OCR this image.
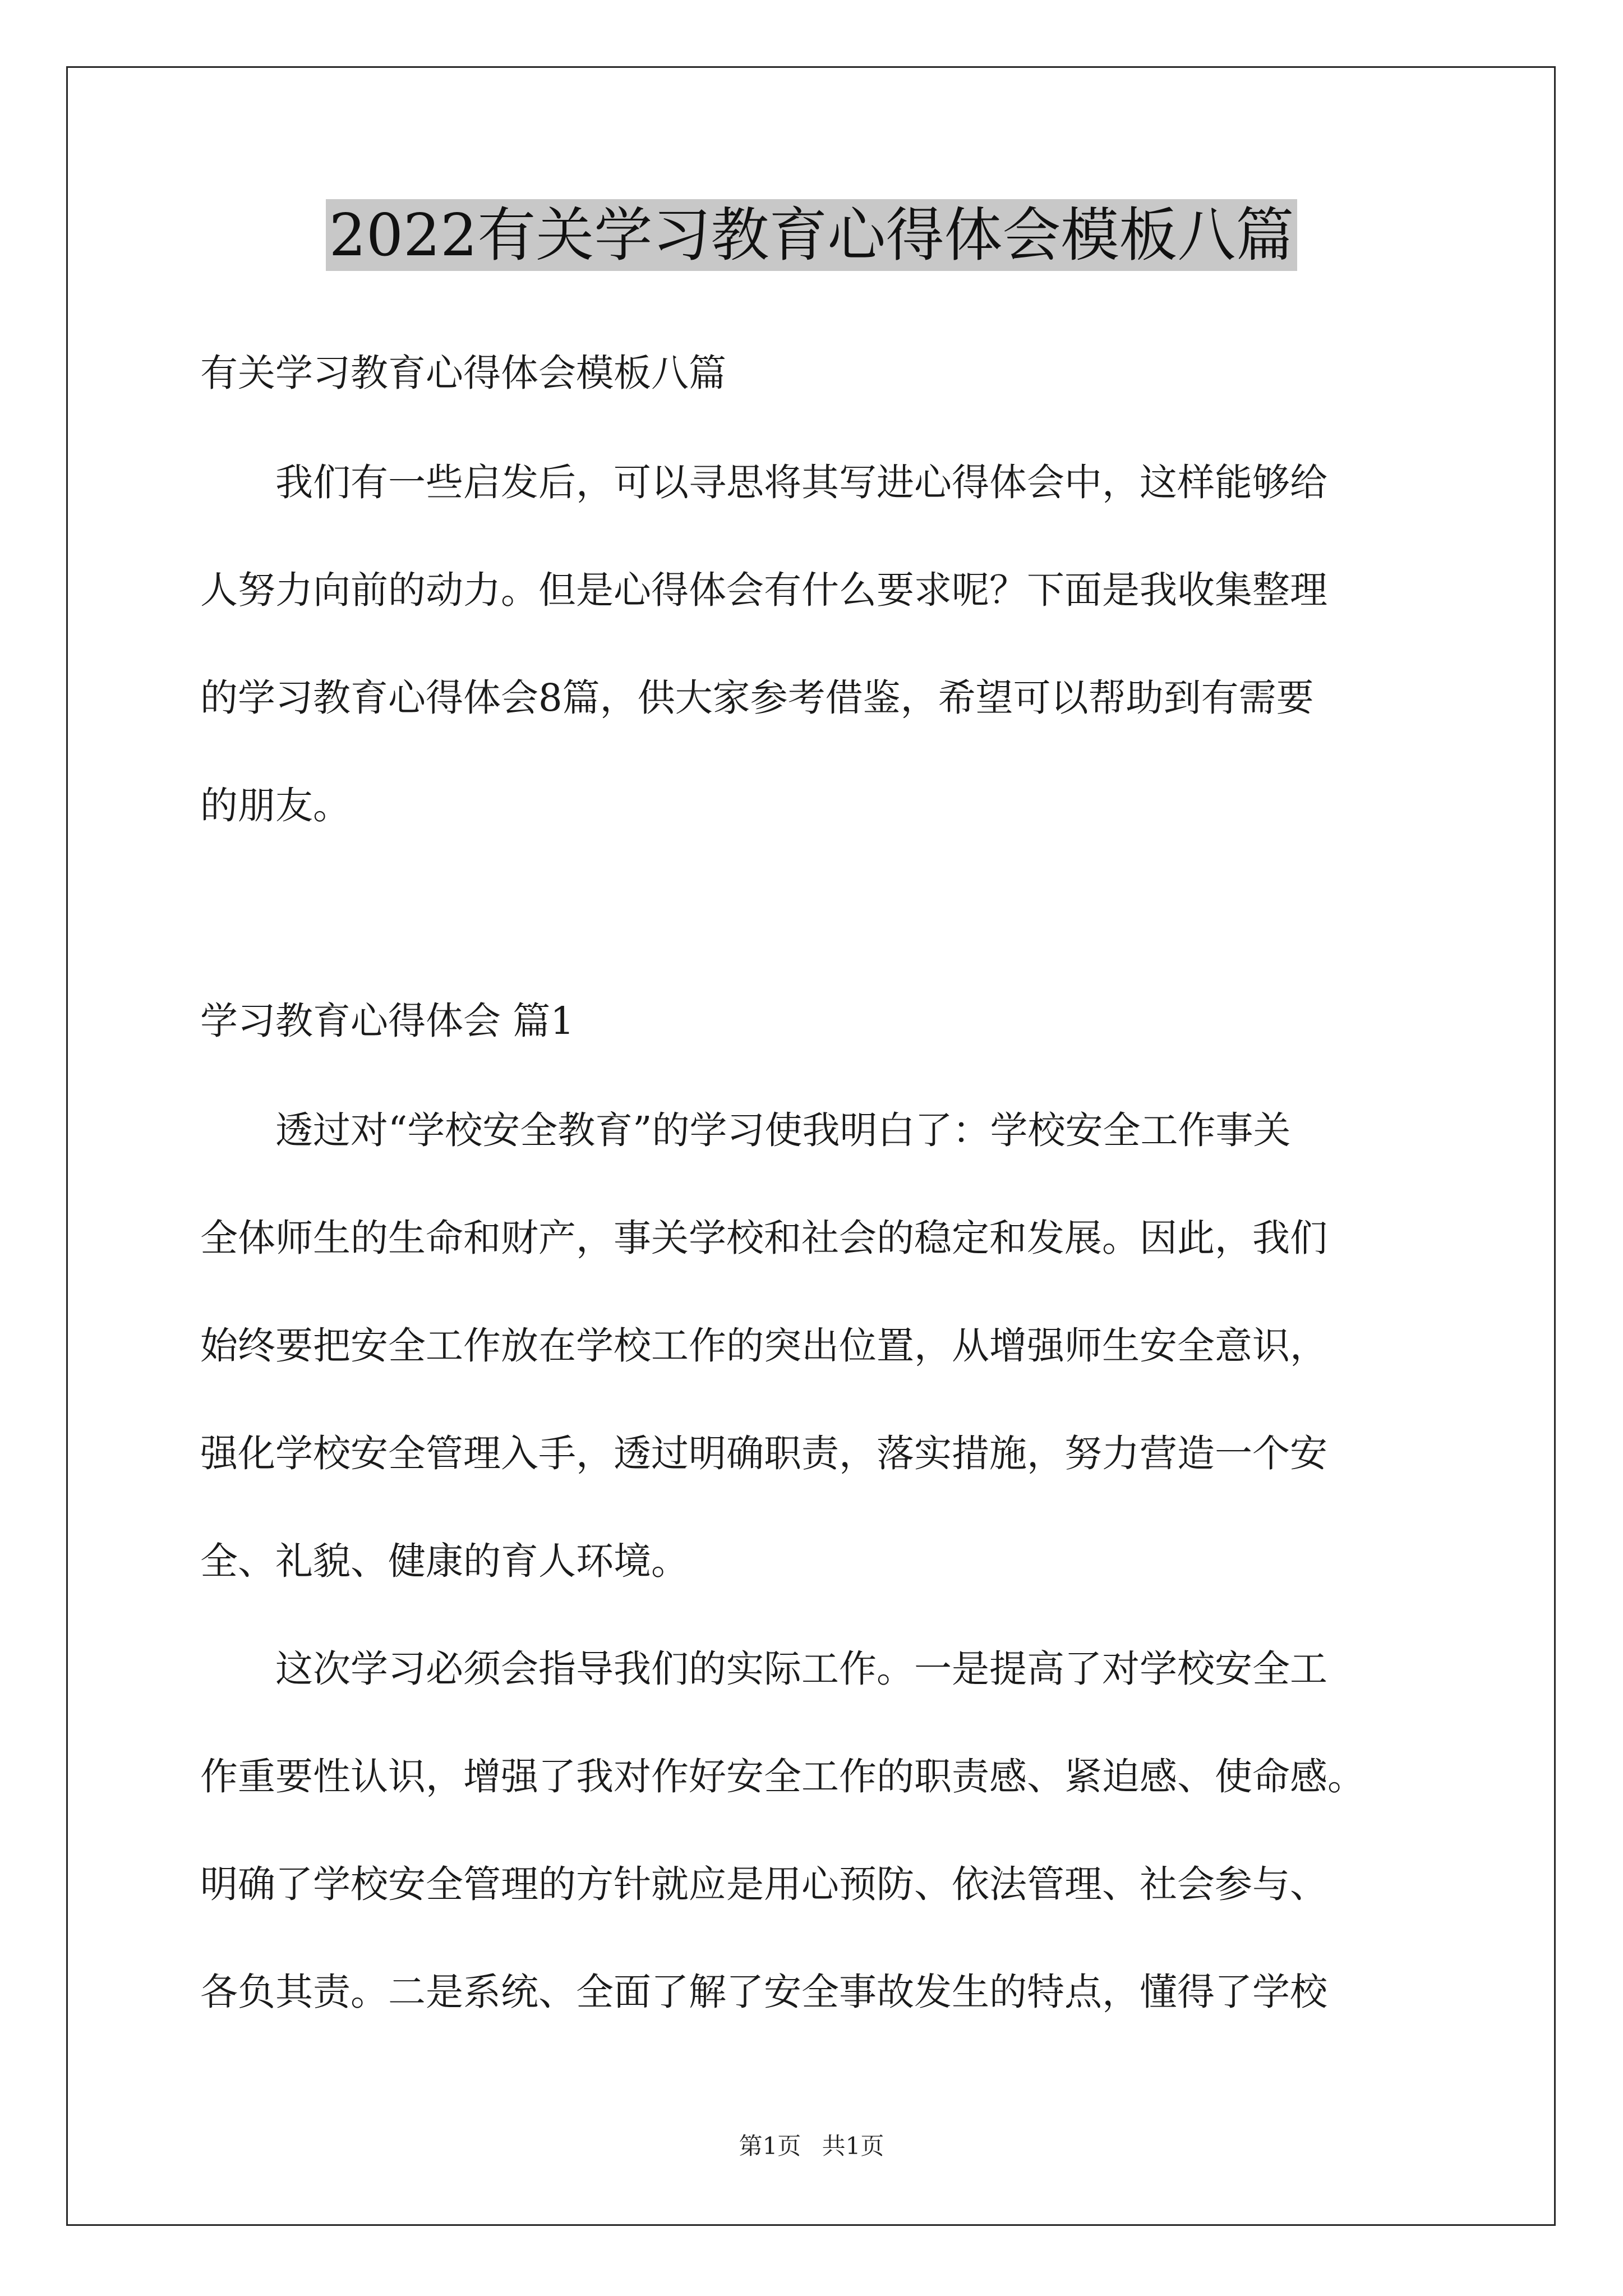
2022有关学习教育心得体会模板八篇
有关学习教育心得体会模板八篇
我们有一些启发后，可以寻思将其写进心得体会中，这样能够给
人努力向前的动力。但是心得体会有什么要求呢？下面是我收集整理
的学习教育心得体会8篇，供大家参考借鉴，希望可以帮助到有需要
的朋友。
学习教育心得体会 篇1
透过对“学校安全教育”的学习使我明白了：学校安全工作事关
全体师生的生命和财产，事关学校和社会的稳定和发展。因此，我们
始终要把安全工作放在学校工作的突出位置，从增强师生安全意识，
强化学校安全管理入手，透过明确职责，落实措施，努力营造一个安
全、礼貌、健康的育人环境。
这次学习必须会指导我们的实际工作。一是提高了对学校安全工
作重要性认识，增强了我对作好安全工作的职责感、紧迫感、使命感。
明确了学校安全管理的方针就应是用心预防、依法管理、社会参与、
各负其责。二是系统、全面了解了安全事故发生的特点，懂得了学校
第1页 共1页
